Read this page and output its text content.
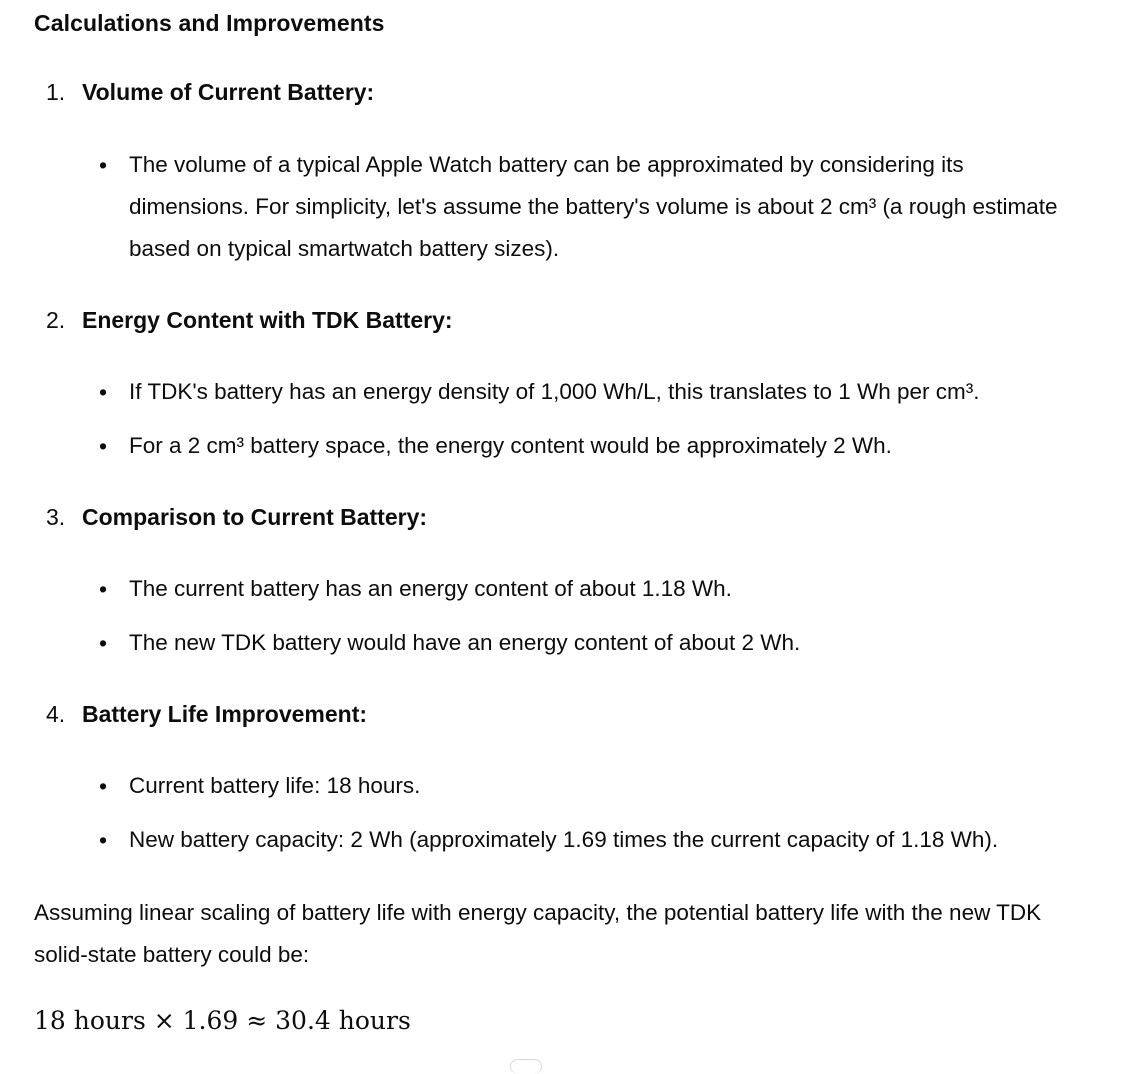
Calculations and Improvements
1. Volume of Current Battery:
• The volume of a typical Apple Watch battery can be approximated by considering its dimensions. For simplicity, let's assume the battery's volume is about 2 cm³ (a rough estimate based on typical smartwatch battery sizes).
2. Energy Content with TDK Battery:
• If TDK's battery has an energy density of 1,000 Wh/L, this translates to 1 Wh per cm³.
• For a 2 cm³ battery space, the energy content would be approximately 2 Wh.
3. Comparison to Current Battery:
• The current battery has an energy content of about 1.18 Wh.
• The new TDK battery would have an energy content of about 2 Wh.
4. Battery Life Improvement:
• Current battery life: 18 hours.
• New battery capacity: 2 Wh (approximately 1.69 times the current capacity of 1.18 Wh).
Assuming linear scaling of battery life with energy capacity, the potential battery life with the new TDK solid-state battery could be:
18 hours × 1.69 ≈ 30.4 hours
